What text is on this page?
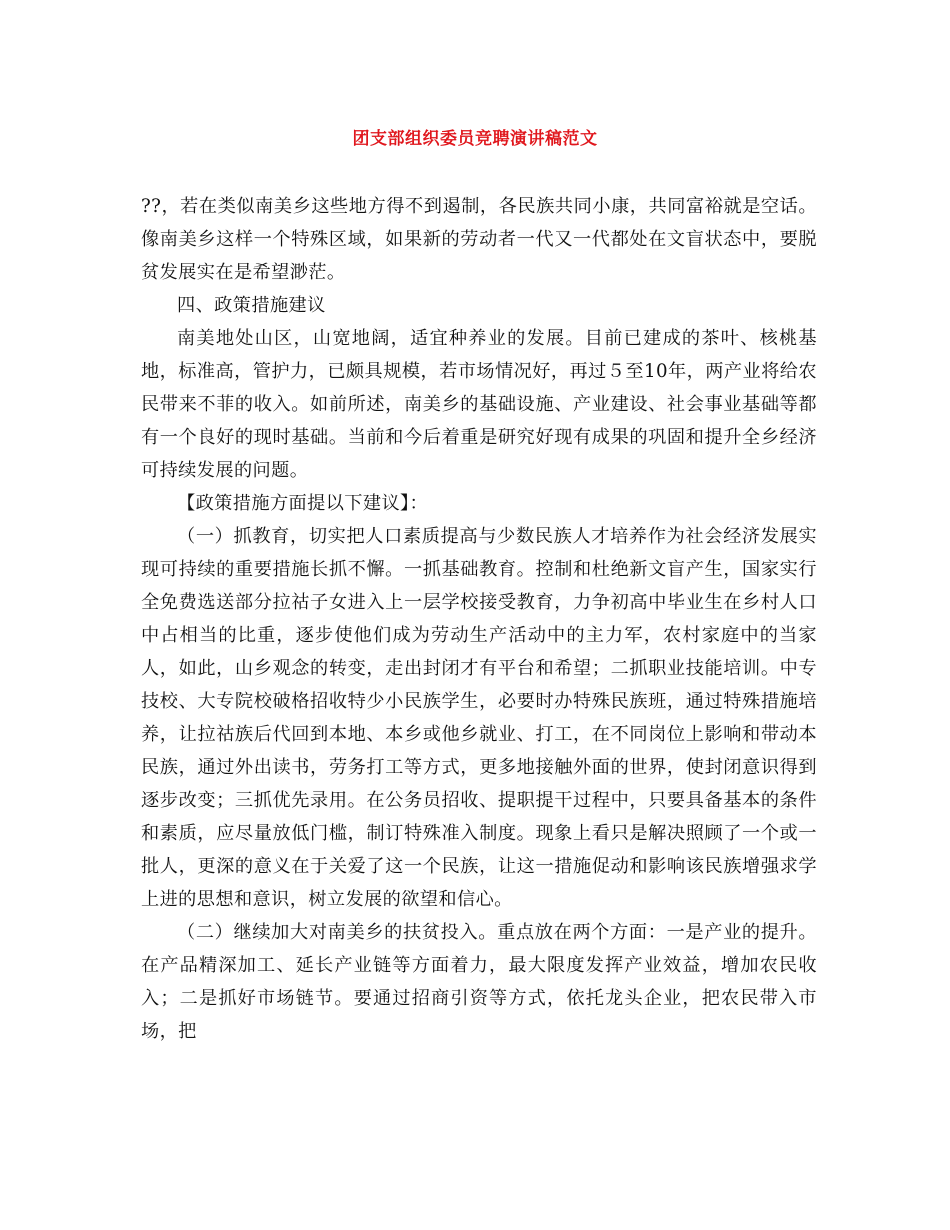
团支部组织委员竞聘演讲稿范文

??，若在类似南美乡这些地方得不到遏制，各民族共同小康，共同富裕就是空话。像南美乡这样一个特殊区域，如果新的劳动者一代又一代都处在文盲状态中，要脱贫发展实在是希望渺茫。

四、政策措施建议

南美地处山区，山宽地阔，适宜种养业的发展。目前已建成的茶叶、核桃基地，标准高，管护力，已颇具规模，若市场情况好，再过５至10年，两产业将给农民带来不菲的收入。如前所述，南美乡的基础设施、产业建设、社会事业基础等都有一个良好的现时基础。当前和今后着重是研究好现有成果的巩固和提升全乡经济可持续发展的问题。

【政策措施方面提以下建议】：

（一）抓教育，切实把人口素质提高与少数民族人才培养作为社会经济发展实现可持续的重要措施长抓不懈。一抓基础教育。控制和杜绝新文盲产生，国家实行全免费选送部分拉祜子女进入上一层学校接受教育，力争初高中毕业生在乡村人口中占相当的比重，逐步使他们成为劳动生产活动中的主力军，农村家庭中的当家人，如此，山乡观念的转变，走出封闭才有平台和希望；二抓职业技能培训。中专技校、大专院校破格招收特少小民族学生，必要时办特殊民族班，通过特殊措施培养，让拉祜族后代回到本地、本乡或他乡就业、打工，在不同岗位上影响和带动本民族，通过外出读书，劳务打工等方式，更多地接触外面的世界，使封闭意识得到逐步改变；三抓优先录用。在公务员招收、提职提干过程中，只要具备基本的条件和素质，应尽量放低门槛，制订特殊准入制度。现象上看只是解决照顾了一个或一批人，更深的意义在于关爱了这一个民族，让这一措施促动和影响该民族增强求学上进的思想和意识，树立发展的欲望和信心。

（二）继续加大对南美乡的扶贫投入。重点放在两个方面：一是产业的提升。在产品精深加工、延长产业链等方面着力，最大限度发挥产业效益，增加农民收入；二是抓好市场链节。要通过招商引资等方式，依托龙头企业，把农民带入市场，把
